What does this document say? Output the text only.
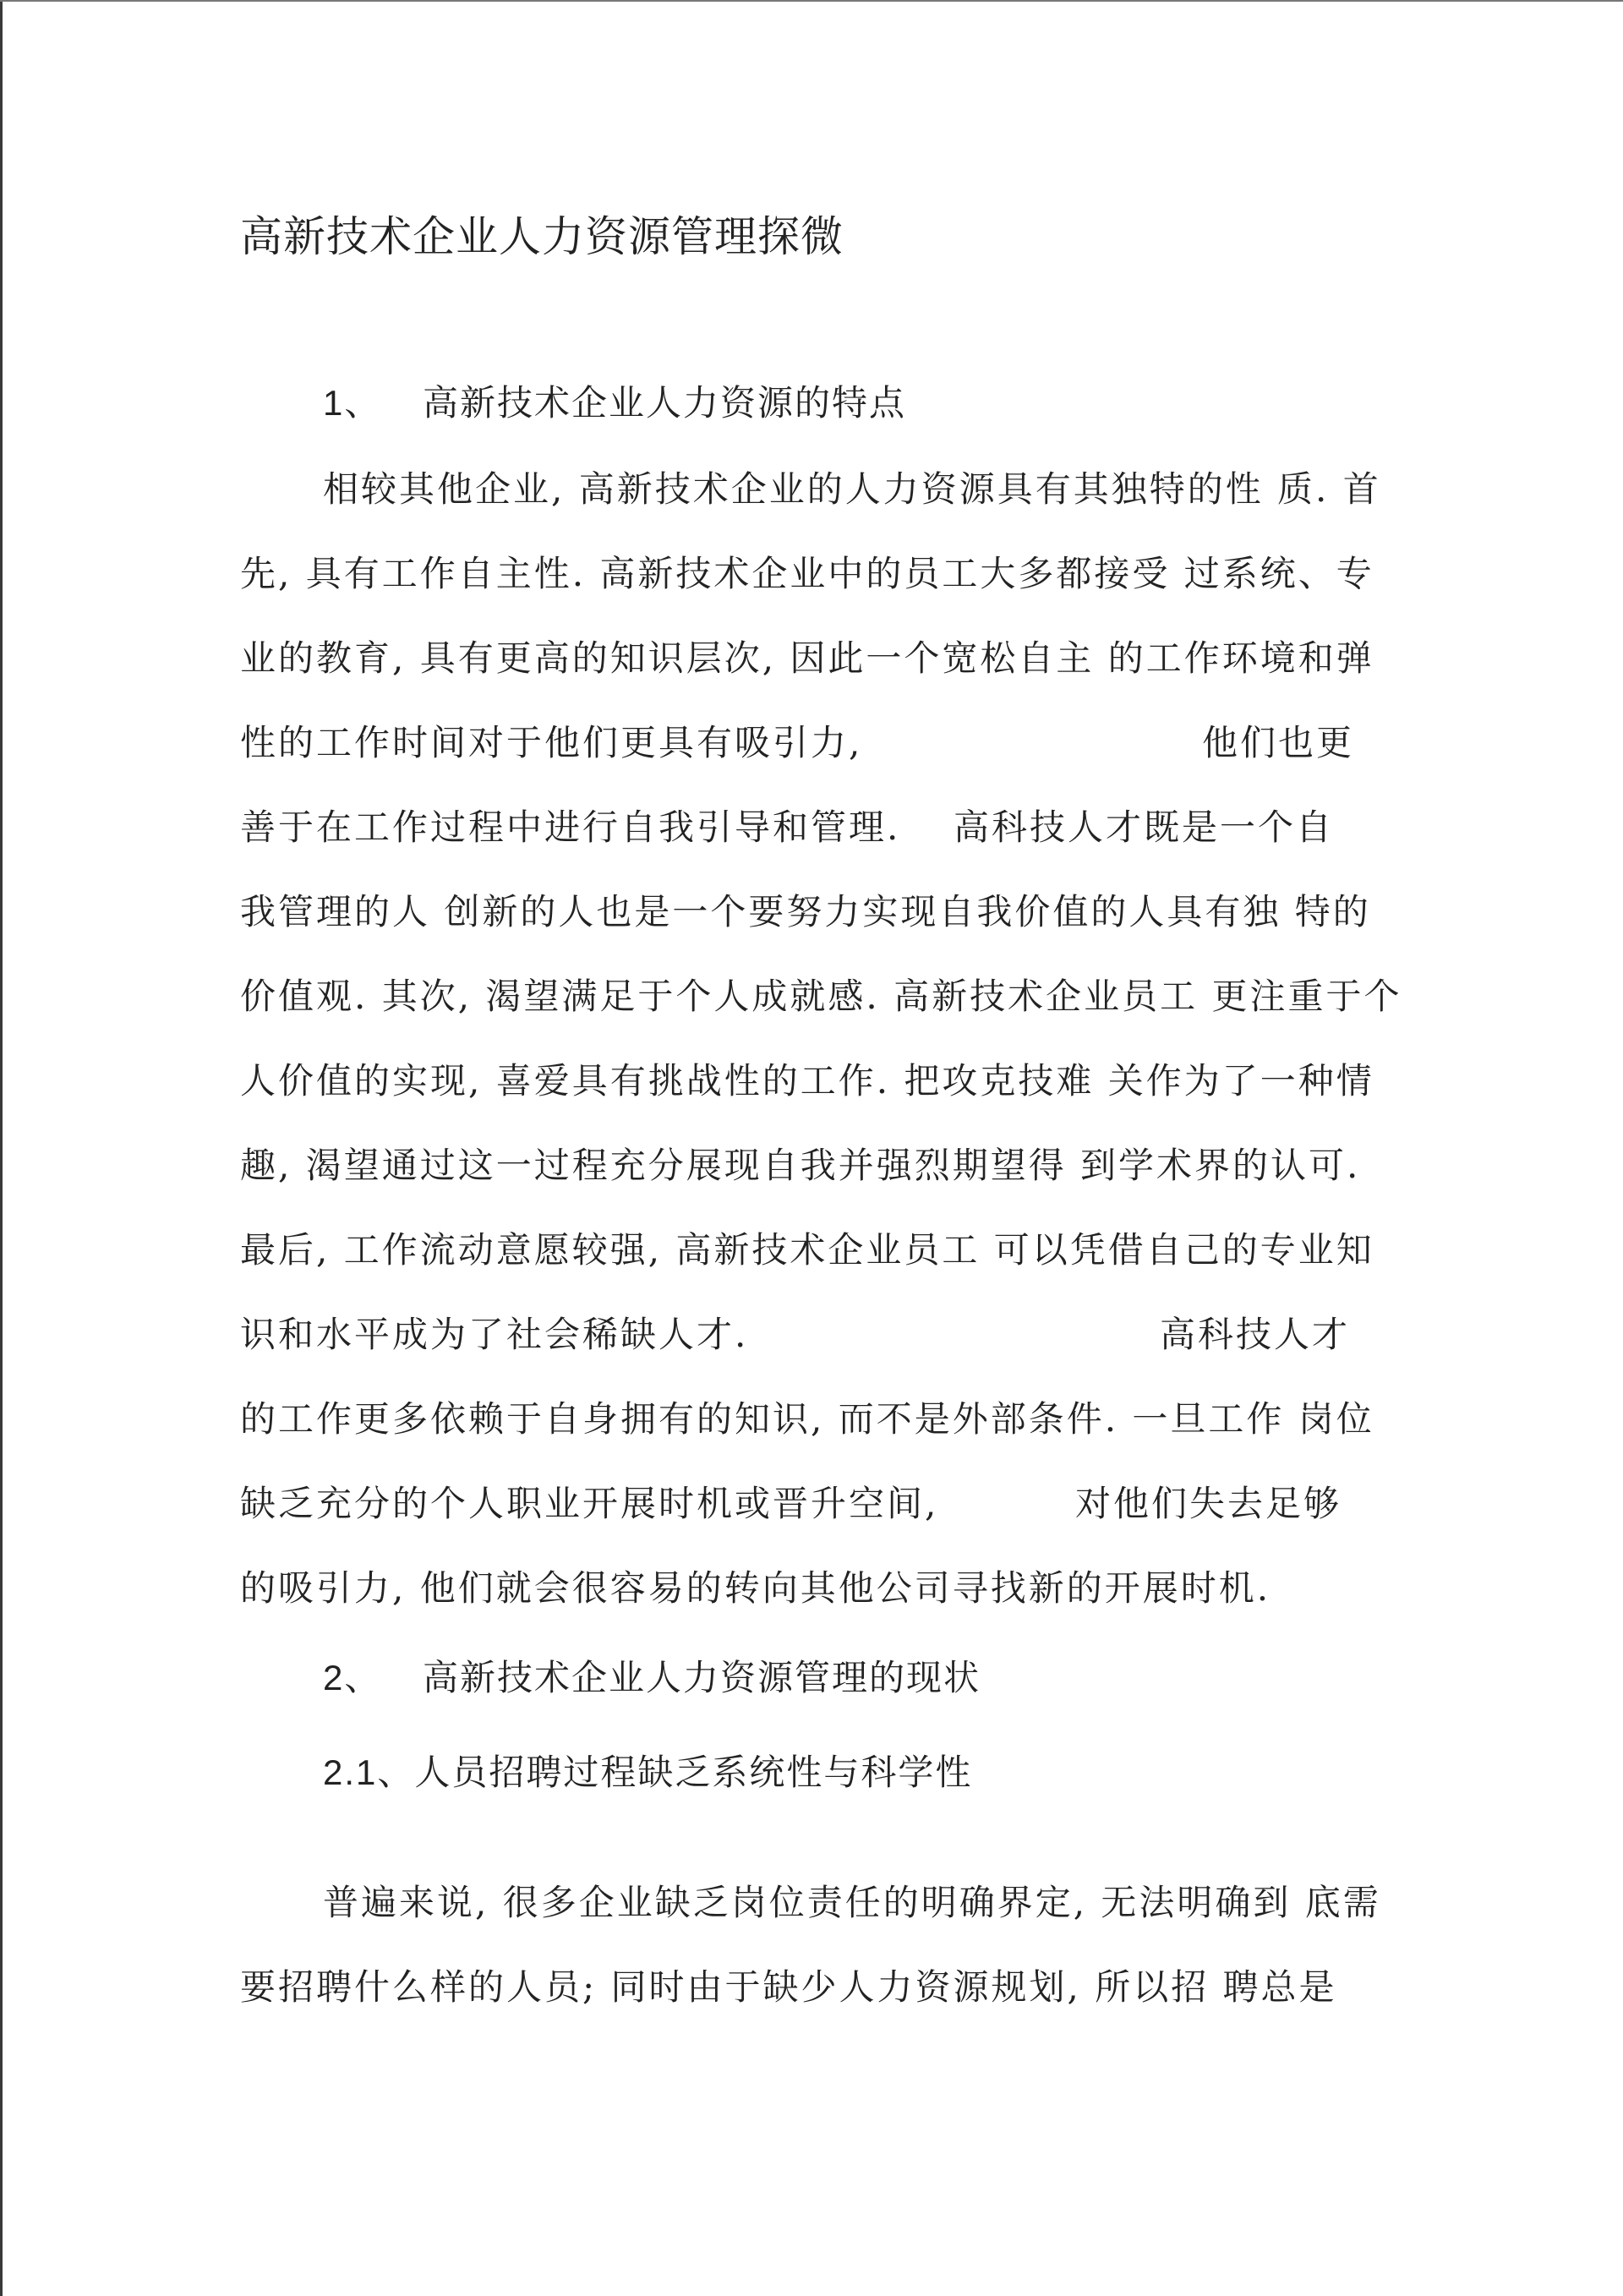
高新技术企业人力资源管理探微
1、 高新技术企业人力资源的特点
相较其他企业, 高新技术企业的人力资源具有其独特的性 质. 首
先, 具有工作自主性. 高新技术企业中的员工大多都接受 过系统、专
业的教育, 具有更高的知识层次, 因此一个宽松自主 的工作环境和弹
性的工作时间对于他们更具有吸引力,	他们也更
善于在工作过程中进行自我引导和管理. 高科技人才既是一个自
我管理的人 创新的人也是一个要努力实现自我价值的人具有独 特的
价值观. 其次, 渴望满足于个人成就感. 高新技术企业员工 更注重于个
人价值的实现, 喜爱具有挑战性的工作. 把攻克技难 关作为了一种情
趣, 渴望通过这一过程充分展现自我并强烈期望得 到学术界的认可.
最后, 工作流动意愿较强, 高新技术企业员工 可以凭借自己的专业知
识和水平成为了社会稀缺人才.	高科技人才
的工作更多依赖于自身拥有的知识, 而不是外部条件. 一旦工作 岗位
缺乏充分的个人职业开展时机或晋升空间,	对他们失去足够
的吸引力, 他们就会很容易的转向其他公司寻找新的开展时机.
2、 高新技术企业人力资源管理的现状
2.1、人员招聘过程缺乏系统性与科学性
普遍来说, 很多企业缺乏岗位责任的明确界定, 无法明确到 底需
要招聘什么样的人员; 同时由于缺少人力资源规划, 所以招 聘总是
